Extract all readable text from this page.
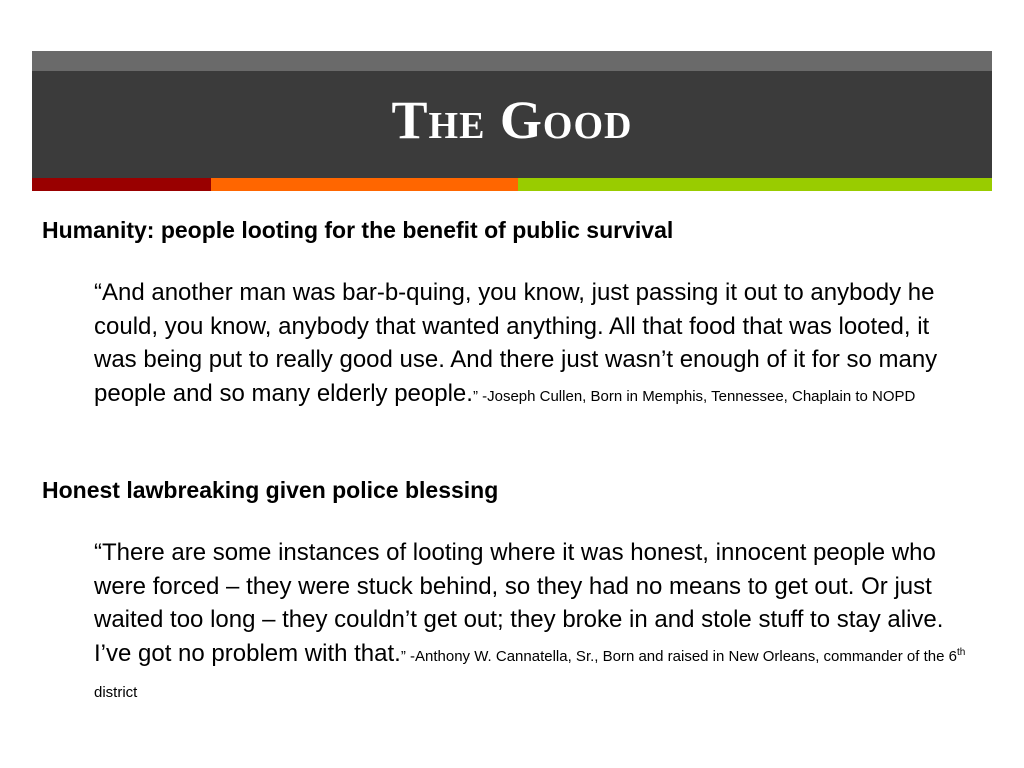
The Good
Humanity: people looting for the benefit of public survival
“And another man was bar-b-quing, you know, just passing it out to anybody he could, you know, anybody that wanted anything. All that food that was looted, it was being put to really good use. And there just wasn’t enough of it for so many people and so many elderly people.” -Joseph Cullen, Born in Memphis, Tennessee, Chaplain to NOPD
Honest lawbreaking given police blessing
“There are some instances of looting where it was honest, innocent people who were forced – they were stuck behind, so they had no means to get out. Or just waited too long – they couldn’t get out; they broke in and stole stuff to stay alive. I’ve got no problem with that.” -Anthony W. Cannatella, Sr., Born and raised in New Orleans, commander of the 6th district
